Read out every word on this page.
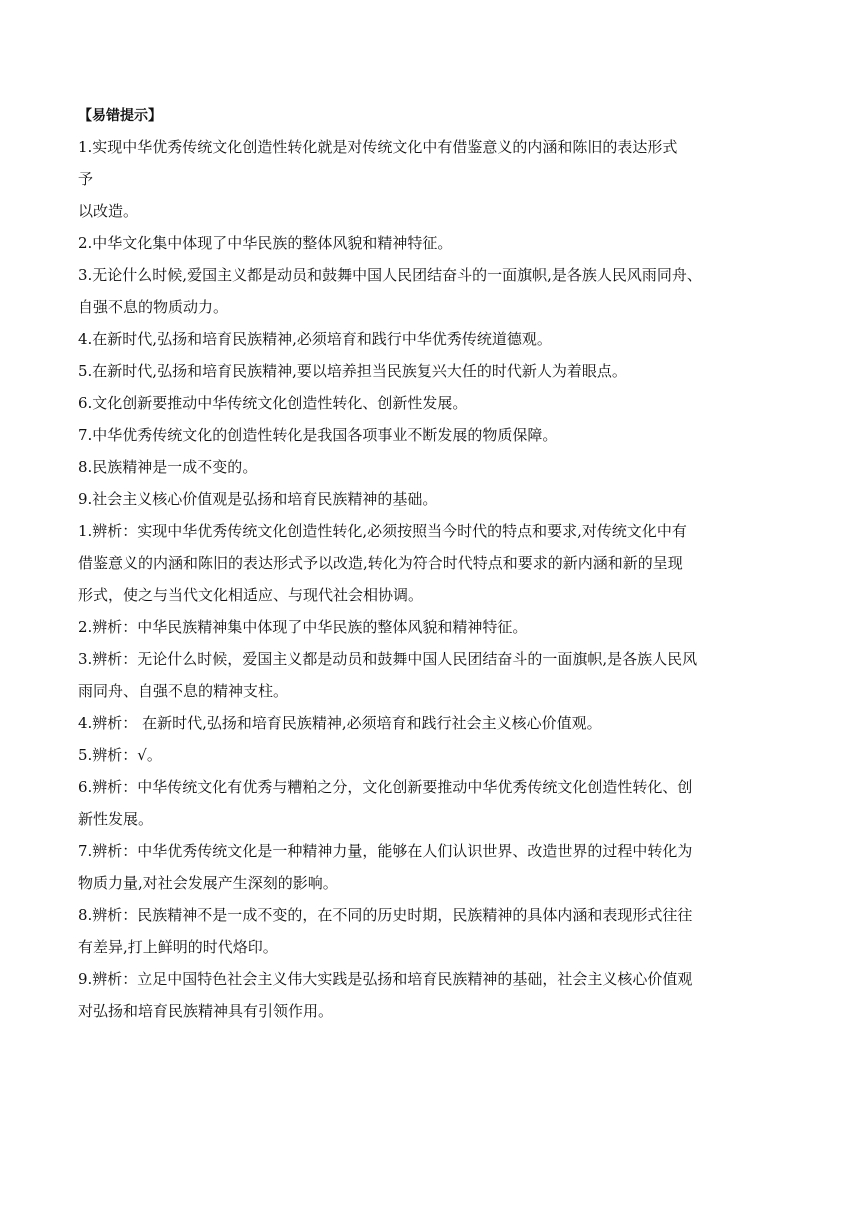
【易错提示】

1.实现中华优秀传统文化创造性转化就是对传统文化中有借鉴意义的内涵和陈旧的表达形式

予

以改造。

2.中华文化集中体现了中华民族的整体风貌和精神特征。

3.无论什么时候,爱国主义都是动员和鼓舞中国人民团结奋斗的一面旗帜,是各族人民风雨同舟、

自强不息的物质动力。

4.在新时代,弘扬和培育民族精神,必须培育和践行中华优秀传统道德观。

5.在新时代,弘扬和培育民族精神,要以培养担当民族复兴大任的时代新人为着眼点。

6.文化创新要推动中华传统文化创造性转化、创新性发展。

7.中华优秀传统文化的创造性转化是我国各项事业不断发展的物质保障。

8.民族精神是一成不变的。

9.社会主义核心价值观是弘扬和培育民族精神的基础。

1.辨析：实现中华优秀传统文化创造性转化,必须按照当今时代的特点和要求,对传统文化中有

借鉴意义的内涵和陈旧的表达形式予以改造,转化为符合时代特点和要求的新内涵和新的呈现

形式，使之与当代文化相适应、与现代社会相协调。

2.辨析：中华民族精神集中体现了中华民族的整体风貌和精神特征。

3.辨析：无论什么时候，爱国主义都是动员和鼓舞中国人民团结奋斗的一面旗帜,是各族人民风

雨同舟、自强不息的精神支柱。

4.辨析： 在新时代,弘扬和培育民族精神,必须培育和践行社会主义核心价值观。

5.辨析：√。

6.辨析：中华传统文化有优秀与糟粕之分，文化创新要推动中华优秀传统文化创造性转化、创

新性发展。

7.辨析：中华优秀传统文化是一种精神力量，能够在人们认识世界、改造世界的过程中转化为

物质力量,对社会发展产生深刻的影响。

8.辨析：民族精神不是一成不变的，在不同的历史时期，民族精神的具体内涵和表现形式往往

有差异,打上鲜明的时代烙印。

9.辨析：立足中国特色社会主义伟大实践是弘扬和培育民族精神的基础，社会主义核心价值观

对弘扬和培育民族精神具有引领作用。
